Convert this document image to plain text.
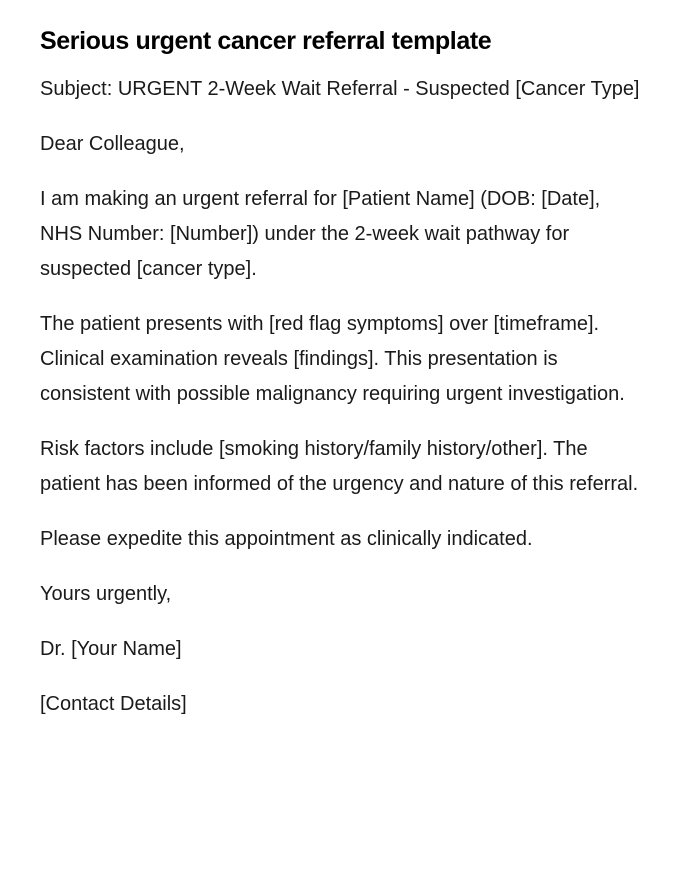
Serious urgent cancer referral template

Subject: URGENT 2-Week Wait Referral - Suspected [Cancer Type]

Dear Colleague,

I am making an urgent referral for [Patient Name] (DOB: [Date], NHS Number: [Number]) under the 2-week wait pathway for suspected [cancer type].

The patient presents with [red flag symptoms] over [timeframe]. Clinical examination reveals [findings]. This presentation is consistent with possible malignancy requiring urgent investigation.

Risk factors include [smoking history/family history/other]. The patient has been informed of the urgency and nature of this referral.

Please expedite this appointment as clinically indicated.

Yours urgently,

Dr. [Your Name]

[Contact Details]
